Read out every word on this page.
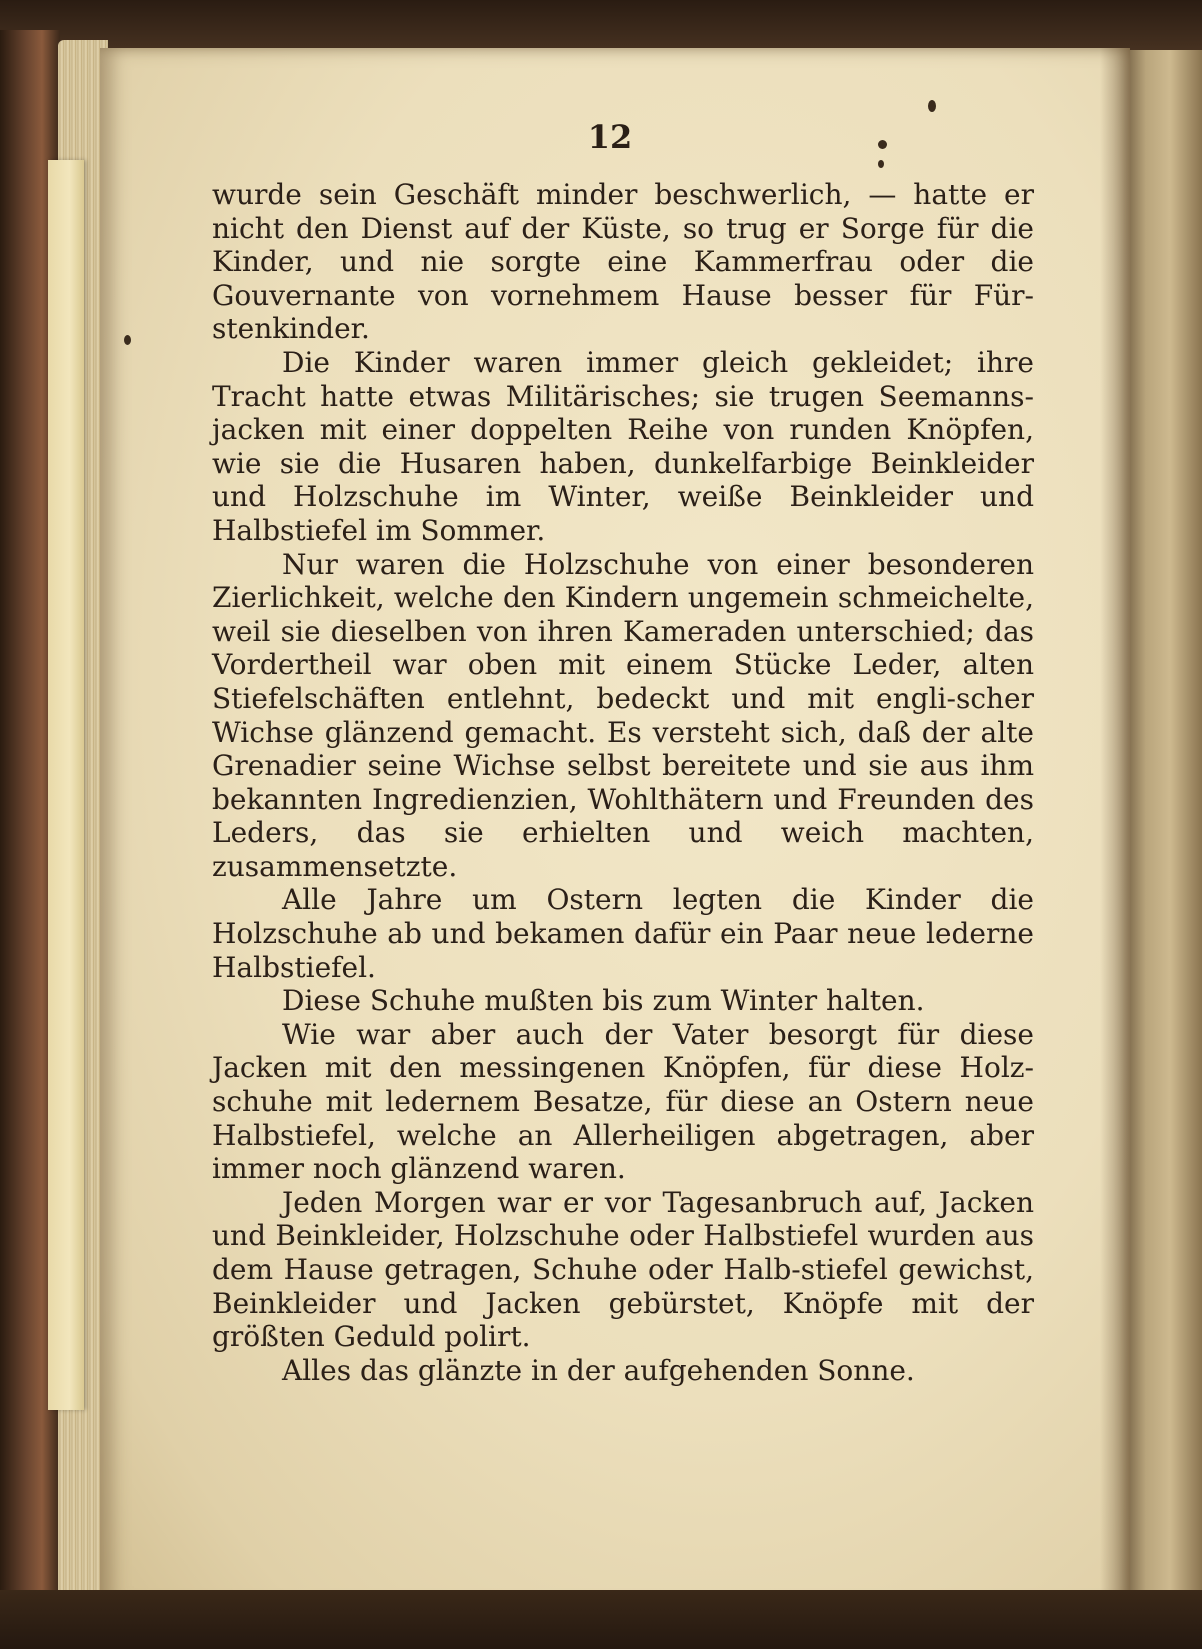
12

wurde sein Geschäft minder beschwerlich, — hatte er nicht den Dienst auf der Küste, so trug er Sorge für die Kinder, und nie sorgte eine Kammerfrau oder die Gouvernante von vornehmem Hause besser für Für-stenkinder.

Die Kinder waren immer gleich gekleidet; ihre Tracht hatte etwas Militärisches; sie trugen Seemanns-jacken mit einer doppelten Reihe von runden Knöpfen, wie sie die Husaren haben, dunkelfarbige Beinkleider und Holzschuhe im Winter, weiße Beinkleider und Halbstiefel im Sommer.

Nur waren die Holzschuhe von einer besonderen Zierlichkeit, welche den Kindern ungemein schmeichelte, weil sie dieselben von ihren Kameraden unterschied; das Vordertheil war oben mit einem Stücke Leder, alten Stiefelschäften entlehnt, bedeckt und mit engli-scher Wichse glänzend gemacht. Es versteht sich, daß der alte Grenadier seine Wichse selbst bereitete und sie aus ihm bekannten Ingredienzien, Wohlthätern und Freunden des Leders, das sie erhielten und weich machten, zusammensetzte.

Alle Jahre um Ostern legten die Kinder die Holzschuhe ab und bekamen dafür ein Paar neue lederne Halbstiefel.

Diese Schuhe mußten bis zum Winter halten.

Wie war aber auch der Vater besorgt für diese Jacken mit den messingenen Knöpfen, für diese Holz-schuhe mit ledernem Besatze, für diese an Ostern neue Halbstiefel, welche an Allerheiligen abgetragen, aber immer noch glänzend waren.

Jeden Morgen war er vor Tagesanbruch auf, Jacken und Beinkleider, Holzschuhe oder Halbstiefel wurden aus dem Hause getragen, Schuhe oder Halb-stiefel gewichst, Beinkleider und Jacken gebürstet, Knöpfe mit der größten Geduld polirt.

Alles das glänzte in der aufgehenden Sonne.
